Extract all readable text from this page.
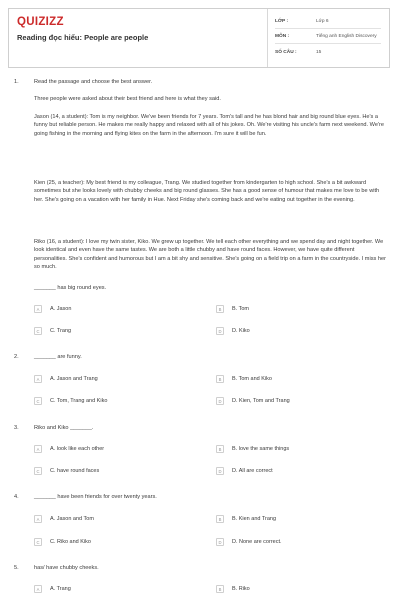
QUIZIZZ
Reading đọc hiểu: People are people
LỚP :	Lớp 6
MÔN :	Tiếng anh English Discovery
SỐ CÂU :	15
1.	Read the passage and choose the best answer.
Three people were asked about their best friend and here is what they said.
Jason (14, a student): Tom is my neighbor. We've been friends for 7 years. Tom's tall and he has blond hair and big round blue eyes. He's a funny but reliable person. He makes me really happy and relaxed with all of his jokes. Oh. We're visiting his uncle's farm next weekend. We're going fishing in the morning and flying kites on the farm in the afternoon. I'm sure it will be fun.
Kien (25, a teacher): My best friend is my colleague, Trang. We studied together from kindergarten to high school. She's a bit awkward sometimes but she looks lovely with chubby cheeks and big round glasses. She has a good sense of humour that makes me love to be with her. She's going on a vacation with her family in Hue. Next Friday she's coming back and we're eating out together in the evening.
Riko (16, a student): I love my twin sister, Kiko. We grew up together. We tell each other everything and we spend day and night together. We look identical and even have the same tastes. We are both a little chubby and have round faces. However, we have quite different personalities. She's confident and humorous but I am a bit shy and sensitive. She's going on a field trip on a farm in the countryside. I miss her so much.
_______ has big round eyes.
A	A. Jason	B	B. Tom
C	C. Trang	D	D. Kiko
2.	_______ are funny.
A	A. Jason and Trang	B	B. Tom and Kiko
C	C. Tom, Trang and Kiko	D	D. Kien, Tom and Trang
3.	Riko and Kiko _______.
A	A. look like each other	B	B. love the same things
C	C. have round faces	D	D. All are correct
4.	_______ have been friends for over twenty years.
A	A. Jason and Tom	B	B. Kien and Trang
C	C. Riko and Kiko	D	D. None are correct.
5.	has/ have chubby cheeks.
A	A. Trang	B	B. Riko
